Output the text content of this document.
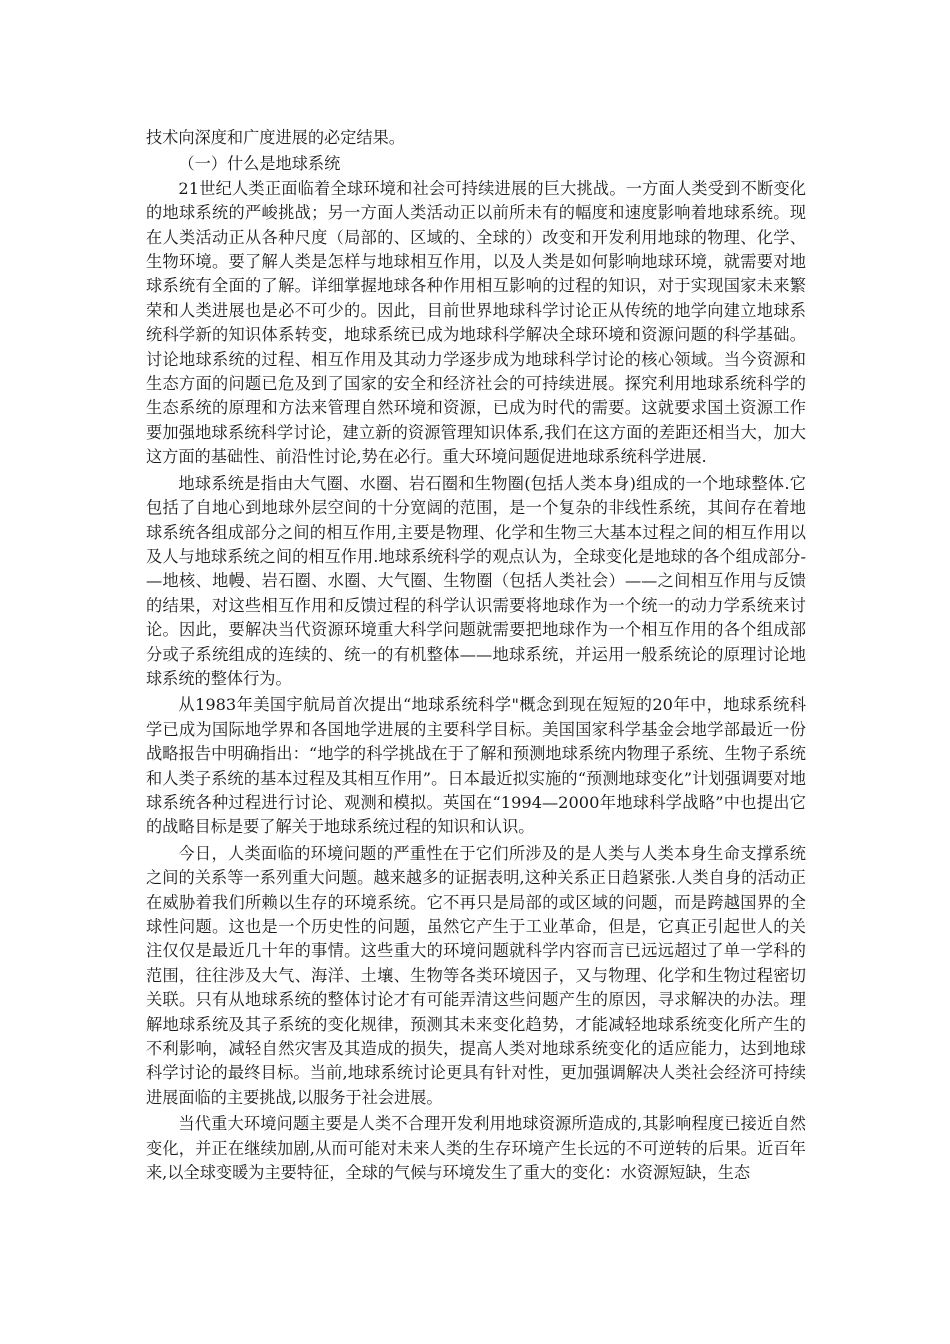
技术向深度和广度进展的必定结果。

（一）什么是地球系统

21世纪人类正面临着全球环境和社会可持续进展的巨大挑战。一方面人类受到不断变化的地球系统的严峻挑战；另一方面人类活动正以前所未有的幅度和速度影响着地球系统。现在人类活动正从各种尺度（局部的、区域的、全球的）改变和开发利用地球的物理、化学、生物环境。要了解人类是怎样与地球相互作用，以及人类是如何影响地球环境，就需要对地球系统有全面的了解。详细掌握地球各种作用相互影响的过程的知识，对于实现国家未来繁荣和人类进展也是必不可少的。因此，目前世界地球科学讨论正从传统的地学向建立地球系统科学新的知识体系转变，地球系统已成为地球科学解决全球环境和资源问题的科学基础。讨论地球系统的过程、相互作用及其动力学逐步成为地球科学讨论的核心领域。当今资源和生态方面的问题已危及到了国家的安全和经济社会的可持续进展。探究利用地球系统科学的生态系统的原理和方法来管理自然环境和资源，已成为时代的需要。这就要求国土资源工作要加强地球系统科学讨论，建立新的资源管理知识体系,我们在这方面的差距还相当大，加大这方面的基础性、前沿性讨论,势在必行。重大环境问题促进地球系统科学进展.

地球系统是指由大气圈、水圈、岩石圈和生物圈(包括人类本身)组成的一个地球整体.它包括了自地心到地球外层空间的十分宽阔的范围，是一个复杂的非线性系统，其间存在着地球系统各组成部分之间的相互作用,主要是物理、化学和生物三大基本过程之间的相互作用以及人与地球系统之间的相互作用.地球系统科学的观点认为，全球变化是地球的各个组成部分-—地核、地幔、岩石圈、水圈、大气圈、生物圈（包括人类社会）——之间相互作用与反馈的结果，对这些相互作用和反馈过程的科学认识需要将地球作为一个统一的动力学系统来讨论。因此，要解决当代资源环境重大科学问题就需要把地球作为一个相互作用的各个组成部分或子系统组成的连续的、统一的有机整体——地球系统，并运用一般系统论的原理讨论地球系统的整体行为。

从1983年美国宇航局首次提出“地球系统科学"概念到现在短短的20年中，地球系统科学已成为国际地学界和各国地学进展的主要科学目标。美国国家科学基金会地学部最近一份战略报告中明确指出：“地学的科学挑战在于了解和预测地球系统内物理子系统、生物子系统和人类子系统的基本过程及其相互作用”。日本最近拟实施的“预测地球变化”计划强调要对地球系统各种过程进行讨论、观测和模拟。英国在“1994—2000年地球科学战略”中也提出它的战略目标是要了解关于地球系统过程的知识和认识。

今日，人类面临的环境问题的严重性在于它们所涉及的是人类与人类本身生命支撑系统之间的关系等一系列重大问题。越来越多的证据表明,这种关系正日趋紧张.人类自身的活动正在威胁着我们所赖以生存的环境系统。它不再只是局部的或区域的问题，而是跨越国界的全球性问题。这也是一个历史性的问题，虽然它产生于工业革命，但是，它真正引起世人的关注仅仅是最近几十年的事情。这些重大的环境问题就科学内容而言已远远超过了单一学科的范围，往往涉及大气、海洋、土壤、生物等各类环境因子，又与物理、化学和生物过程密切关联。只有从地球系统的整体讨论才有可能弄清这些问题产生的原因，寻求解决的办法。理解地球系统及其子系统的变化规律，预测其未来变化趋势，才能减轻地球系统变化所产生的不利影响，减轻自然灾害及其造成的损失，提高人类对地球系统变化的适应能力，达到地球科学讨论的最终目标。当前,地球系统讨论更具有针对性，更加强调解决人类社会经济可持续进展面临的主要挑战,以服务于社会进展。

当代重大环境问题主要是人类不合理开发利用地球资源所造成的,其影响程度已接近自然变化，并正在继续加剧,从而可能对未来人类的生存环境产生长远的不可逆转的后果。近百年来,以全球变暖为主要特征，全球的气候与环境发生了重大的变化：水资源短缺，生态
